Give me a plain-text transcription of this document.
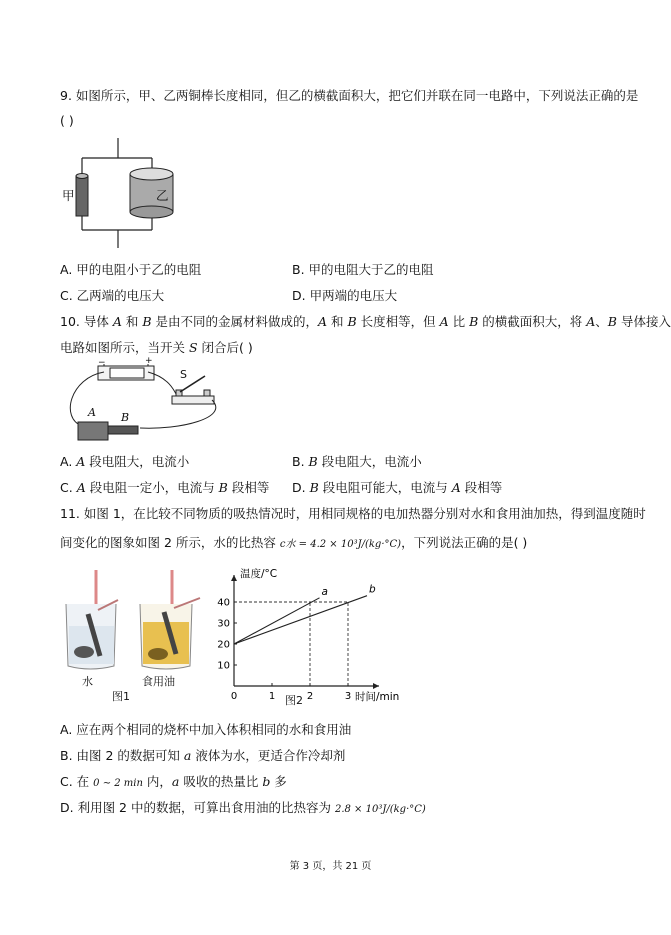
9. 如图所示，甲、乙两铜棒长度相同，但乙的横截面积大，把它们并联在同一电路中，下列说法正确的是
( )
甲	乙
A. 甲的电阻小于乙的电阻	B. 甲的电阻大于乙的电阻
C. 乙两端的电压大	D. 甲两端的电压大
10. 导体 A 和 B 是由不同的金属材料做成的，A 和 B 长度相等，但 A 比 B 的横截面积大，将 A、B 导体接入
电路如图所示，当开关 S 闭合后( )
−	+
S
A B
A. A 段电阻大，电流小	B. B 段电阻大，电流小
C. A 段电阻一定小，电流与 B 段相等 D. B 段电阻可能大，电流与 A 段相等
11. 如图 1，在比较不同物质的吸热情况时，用相同规格的电加热器分别对水和食用油加热，得到温度随时
间变化的图象如图 2 所示，水的比热容 c水 = 4.2 × 10³J/(kg·°C)，下列说法正确的是( )
水	食用油
图1
a	b
0	1	2	3
10
20
30
40
温度/°C
时间/min
图2
A. 应在两个相同的烧杯中加入体积相同的水和食用油
B. 由图 2 的数据可知 a 液体为水，更适合作冷却剂
C. 在 0 ∼ 2 min 内，a 吸收的热量比 b 多
D. 利用图 2 中的数据，可算出食用油的比热容为 2.8 × 10³J/(kg·°C)
第 3 页，共 21 页
